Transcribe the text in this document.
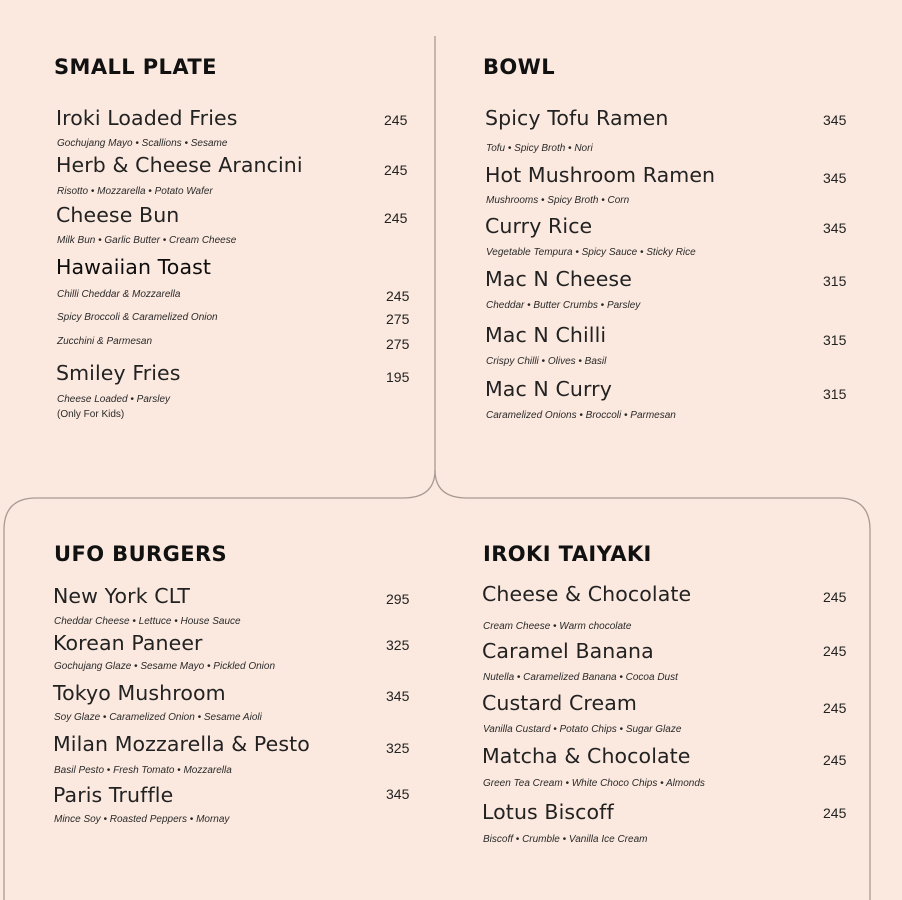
SMALL PLATE
Iroki Loaded Fries	245
Gochujang Mayo • Scallions • Sesame
Herb & Cheese Arancini	245
Risotto • Mozzarella • Potato Wafer
Cheese Bun	245
Milk Bun • Garlic Butter • Cream Cheese
Hawaiian Toast
Chilli Cheddar & Mozzarella	245
Spicy Broccoli & Caramelized Onion	275
Zucchini & Parmesan	275
Smiley Fries	195
Cheese Loaded • Parsley
(Only For Kids)
BOWL
Spicy Tofu Ramen	345
Tofu • Spicy Broth • Nori
Hot Mushroom Ramen	345
Mushrooms • Spicy Broth • Corn
Curry Rice	345
Vegetable Tempura • Spicy Sauce • Sticky Rice
Mac N Cheese	315
Cheddar • Butter Crumbs • Parsley
Mac N Chilli	315
Crispy Chilli • Olives • Basil
Mac N Curry	315
Caramelized Onions • Broccoli • Parmesan
UFO BURGERS
New York CLT	295
Cheddar Cheese • Lettuce • House Sauce
Korean Paneer	325
Gochujang Glaze • Sesame Mayo • Pickled Onion
Tokyo Mushroom	345
Soy Glaze • Caramelized Onion • Sesame Aioli
Milan Mozzarella & Pesto	325
Basil Pesto • Fresh Tomato • Mozzarella
Paris Truffle	345
Mince Soy • Roasted Peppers • Mornay
IROKI TAIYAKI
Cheese & Chocolate	245
Cream Cheese • Warm chocolate
Caramel Banana	245
Nutella • Caramelized Banana • Cocoa Dust
Custard Cream	245
Vanilla Custard • Potato Chips • Sugar Glaze
Matcha & Chocolate	245
Green Tea Cream • White Choco Chips • Almonds
Lotus Biscoff	245
Biscoff • Crumble • Vanilla Ice Cream
